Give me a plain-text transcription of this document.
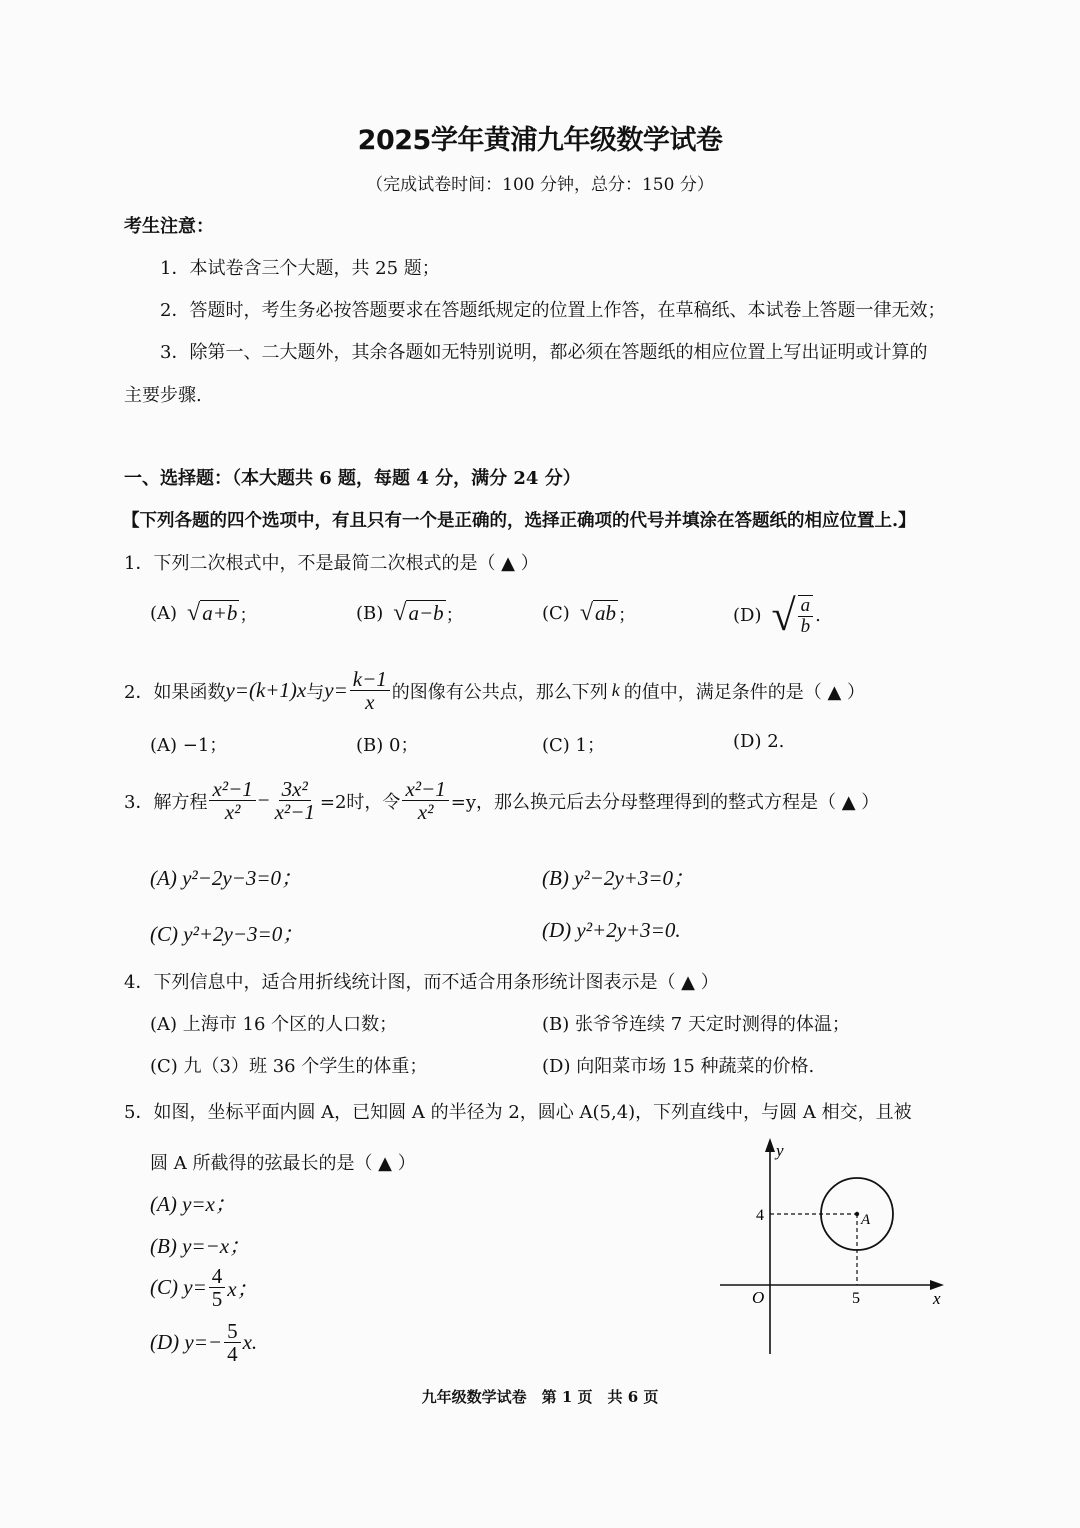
2025学年黄浦九年级数学试卷
（完成试卷时间：100 分钟，总分：150 分）
考生注意：
1．本试卷含三个大题，共 25 题；
2．答题时，考生务必按答题要求在答题纸规定的位置上作答，在草稿纸、本试卷上答题一律无效；
3．除第一、二大题外，其余各题如无特别说明，都必须在答题纸的相应位置上写出证明或计算的
主要步骤.
一、选择题：（本大题共 6 题，每题 4 分，满分 24 分）
【下列各题的四个选项中，有且只有一个是正确的，选择正确项的代号并填涂在答题纸的相应位置上.】
1．下列二次根式中，不是最简二次根式的是（ ▲ ）
(A) √a+b ；	(B) √a−b ；	(C) √ab ；	(D) √ $\frac{a}{b}$ .
2．如果函数 y=(k+1)x 与 $y= \frac{k-1}{x}$ 的图像有公共点，那么下列 k 的值中，满足条件的是（ ▲ ）
(A) −1；	(B) 0；	(C) 1；	(D) 2.
3．解方程 $\frac{\text{x²−1}}{\text{x²}} - \frac{\text{3x²}}{\text{x²−1}} =2$时，令 $\frac{\text{x²−1}}{\text{x²}} =y$，那么换元后去分母整理得到的整式方程是（ ▲ ）
(A) y²−2y−3=0；	(B) y²−2y+3=0；
(C) y²+2y−3=0；	(D) y²+2y+3=0.
4．下列信息中，适合用折线统计图，而不适合用条形统计图表示是（ ▲ ）
(A) 上海市 16 个区的人口数；	(B) 张爷爷连续 7 天定时测得的体温；
(C) 九（3）班 36 个学生的体重；	(D) 向阳菜市场 15 种蔬菜的价格.
5．如图，坐标平面内圆 A，已知圆 A 的半径为 2，圆心 A(5,4)，下列直线中，与圆 A 相交，且被
圆 A 所截得的弦最长的是（ ▲ ）
(A) y=x；
(B) y=−x；
(C) $y= \frac{4}{5}$ x；
(D) $y=- \frac{5}{4} x$.
y
x
O
4
5
A
九年级数学试卷　第 1 页　共 6 页
